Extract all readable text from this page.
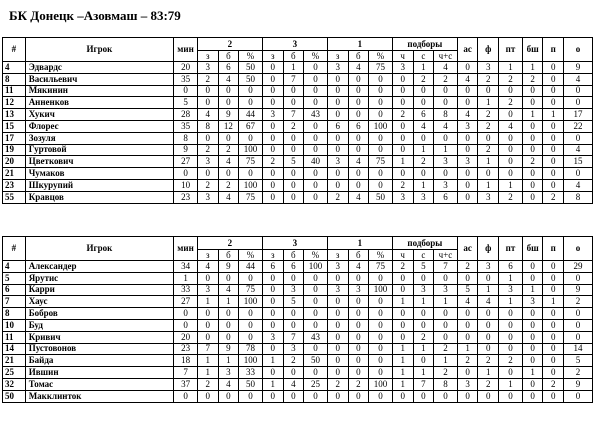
БК Донецк –Азовмаш – 83:79
#	Игрок	мин	2			3			1			подборы			ас	ф	пт	бш	п	о
			з	б	%	з	б	%	з	б	%	ч	с	ч+с						
4	Эдвардс	20	3	6	50	0	1	0	3	4	75	3	1	4	0	3	1	1	0	9
8	Васильевич	35	2	4	50	0	7	0	0	0	0	0	2	2	4	2	2	2	0	4
11	Мякинин	0	0	0	0	0	0	0	0	0	0	0	0	0	0	0	0	0	0	0
12	Анненков	5	0	0	0	0	0	0	0	0	0	0	0	0	0	1	2	0	0	0
13	Хукич	28	4	9	44	3	7	43	0	0	0	2	6	8	4	2	0	1	1	17
15	Флорес	35	8	12	67	0	2	0	6	6	100	0	4	4	3	2	4	0	0	22
17	Зозуля	8	0	0	0	0	0	0	0	0	0	0	0	0	0	0	0	0	0	0
19	Гуртовой	9	2	2	100	0	0	0	0	0	0	0	1	1	0	2	0	0	0	4
20	Цветкович	27	3	4	75	2	5	40	3	4	75	1	2	3	3	1	0	2	0	15
21	Чумаков	0	0	0	0	0	0	0	0	0	0	0	0	0	0	0	0	0	0	0
23	Шкурупий	10	2	2	100	0	0	0	0	0	0	2	1	3	0	1	1	0	0	4
55	Кравцов	23	3	4	75	0	0	0	2	4	50	3	3	6	0	3	2	0	2	8
#	Игрок	мин	2			3			1			подборы			ас	ф	пт	бш	п	о
			з	б	%	з	б	%	з	б	%	ч	с	ч+с						
4	Александер	34	4	9	44	6	6	100	3	4	75	2	5	7	2	3	6	0	0	29
5	Ярутис	1	0	0	0	0	0	0	0	0	0	0	0	0	0	0	1	0	0	0
6	Карри	33	3	4	75	0	3	0	3	3	100	0	3	3	5	1	3	1	0	9
7	Хаус	27	1	1	100	0	5	0	0	0	0	1	1	1	4	4	1	3	1	2
8	Бобров	0	0	0	0	0	0	0	0	0	0	0	0	0	0	0	0	0	0	0
10	Буд	0	0	0	0	0	0	0	0	0	0	0	0	0	0	0	0	0	0	0
11	Кривич	20	0	0	0	3	7	43	0	0	0	0	2	0	0	0	0	0	0	0
14	Пустовонов	23	7	9	78	0	3	0	0	0	0	1	1	2	1	0	0	0	0	14
21	Байда	18	1	1	100	1	2	50	0	0	0	1	0	1	2	2	2	0	0	5
25	Ившин	7	1	3	33	0	0	0	0	0	0	1	1	2	0	1	0	1	0	2
32	Томас	37	2	4	50	1	4	25	2	2	100	1	7	8	3	2	1	0	2	9
50	Макклинток	0	0	0	0	0	0	0	0	0	0	0	0	0	0	0	0	0	0	0
